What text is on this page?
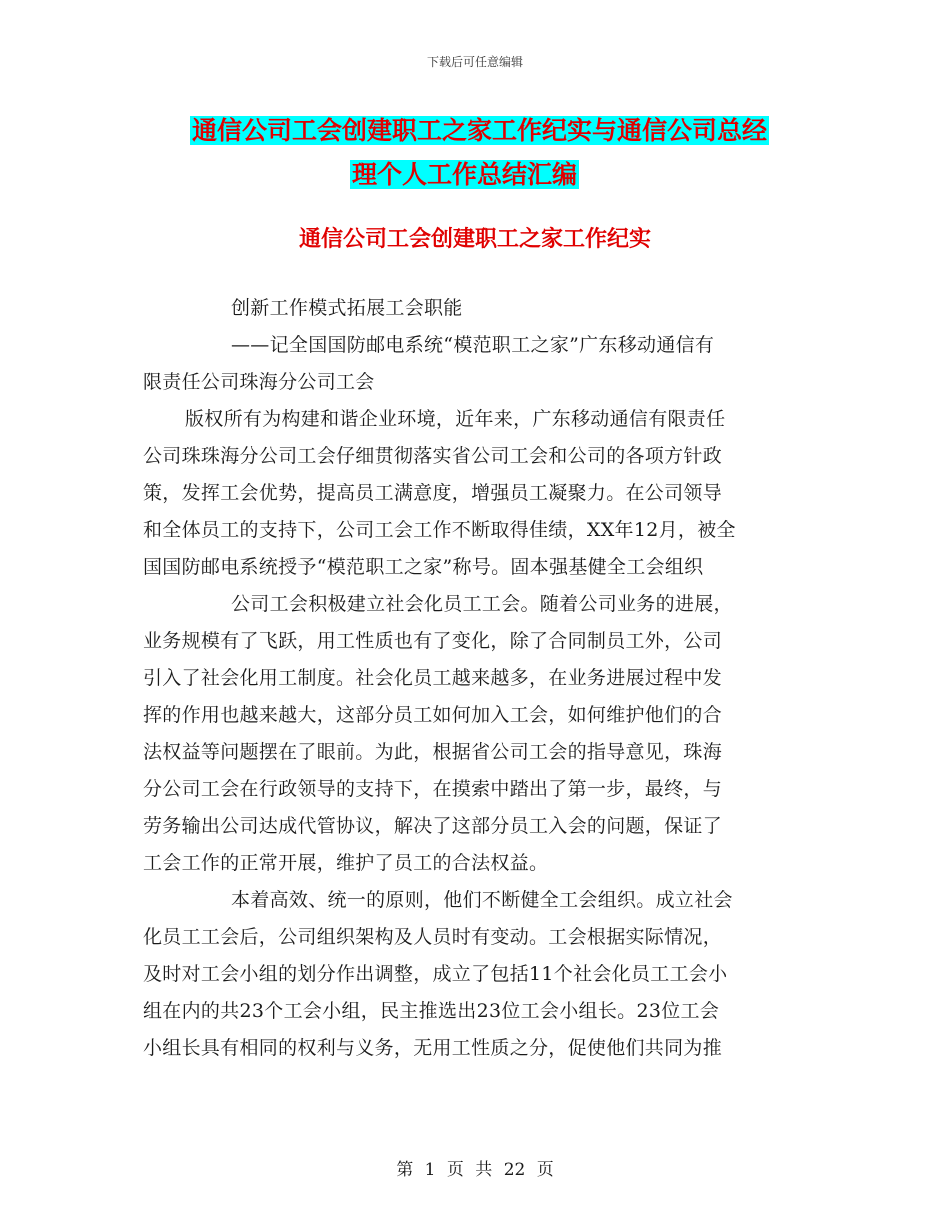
下载后可任意编辑
通信公司工会创建职工之家工作纪实与通信公司总经
理个人工作总结汇编
通信公司工会创建职工之家工作纪实
创新工作模式拓展工会职能
——记全国国防邮电系统“模范职工之家”广东移动通信有
限责任公司珠海分公司工会
版权所有为构建和谐企业环境，近年来，广东移动通信有限责任
公司珠珠海分公司工会仔细贯彻落实省公司工会和公司的各项方针政
策，发挥工会优势，提高员工满意度，增强员工凝聚力。在公司领导
和全体员工的支持下，公司工会工作不断取得佳绩，XX年12月，被全
国国防邮电系统授予“模范职工之家”称号。固本强基健全工会组织
公司工会积极建立社会化员工工会。随着公司业务的进展，
业务规模有了飞跃，用工性质也有了变化，除了合同制员工外，公司
引入了社会化用工制度。社会化员工越来越多，在业务进展过程中发
挥的作用也越来越大，这部分员工如何加入工会，如何维护他们的合
法权益等问题摆在了眼前。为此，根据省公司工会的指导意见，珠海
分公司工会在行政领导的支持下，在摸索中踏出了第一步，最终，与
劳务输出公司达成代管协议，解决了这部分员工入会的问题，保证了
工会工作的正常开展，维护了员工的合法权益。
本着高效、统一的原则，他们不断健全工会组织。成立社会
化员工工会后，公司组织架构及人员时有变动。工会根据实际情况，
及时对工会小组的划分作出调整，成立了包括11个社会化员工工会小
组在内的共23个工会小组，民主推选出23位工会小组长。23位工会
小组长具有相同的权利与义务，无用工性质之分，促使他们共同为推
第 1 页 共 22 页
